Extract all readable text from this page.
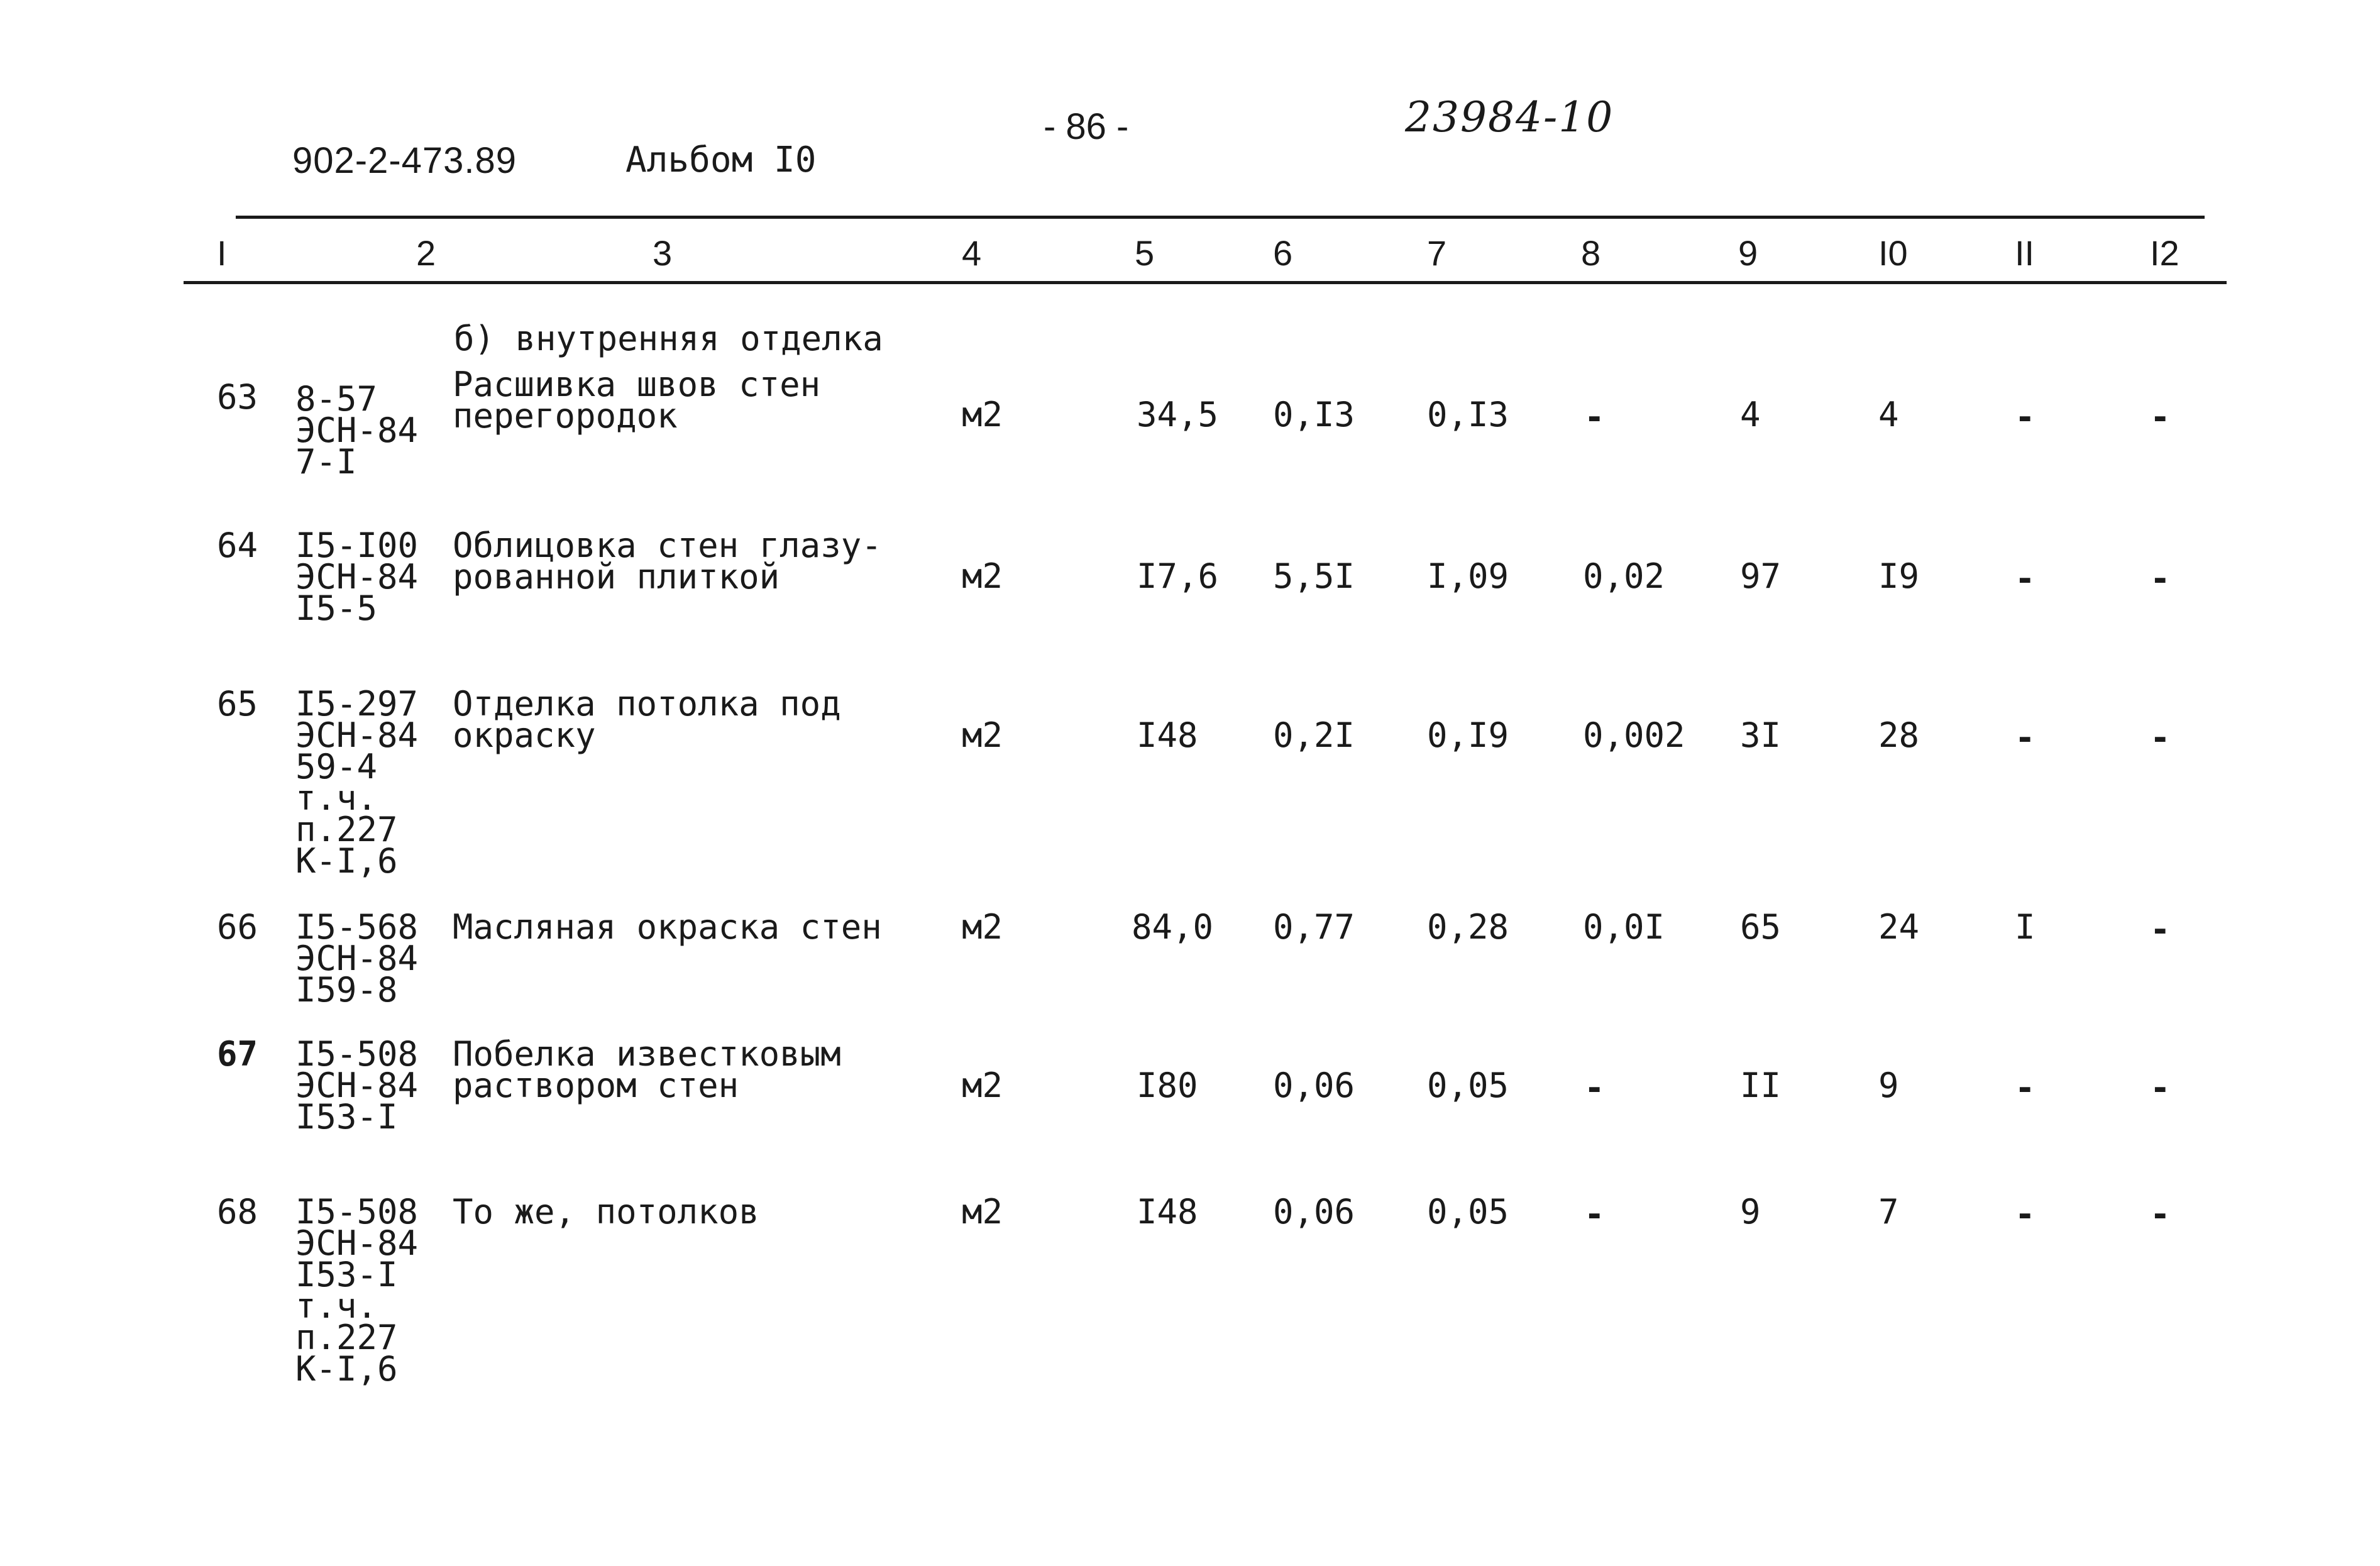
902-2-473.89	Альбом I0
- 86 -	23984-10
I	2	3	4	5	6	7	8	9	I0	II	I2
б) внутренняя отделка
63 8-57
ЭСН-84
7-I
Расшивка швов стен
перегородок	м2	34,5 0,I3 0,I3 -	4	4	-	-
64 I5-I00
ЭСН-84
I5-5
Облицовка стен глазу-
рованной плиткой	м2	I7,6 5,5I I,09 0,02 97	I9	-	-
65 I5-297
ЭСН-84
59-4
т.ч.
п.227
К-I,6
Отделка потолка под
окраску	м2	I48 0,2I 0,I9 0,002 3I	28	-	-
66 I5-568
ЭСН-84
I59-8
Масляная окраска стен м2	84,0 0,77 0,28 0,0I 65	24	I	-
67 I5-508
ЭСН-84
I53-I
Побелка известковым
раствором стен	м2	I80 0,06 0,05 -	II	9	-	-
68 I5-508
ЭСН-84
I53-I
т.ч.
п.227
К-I,6
То же, потолков	м2	I48 0,06 0,05 -	9	7	-	-
